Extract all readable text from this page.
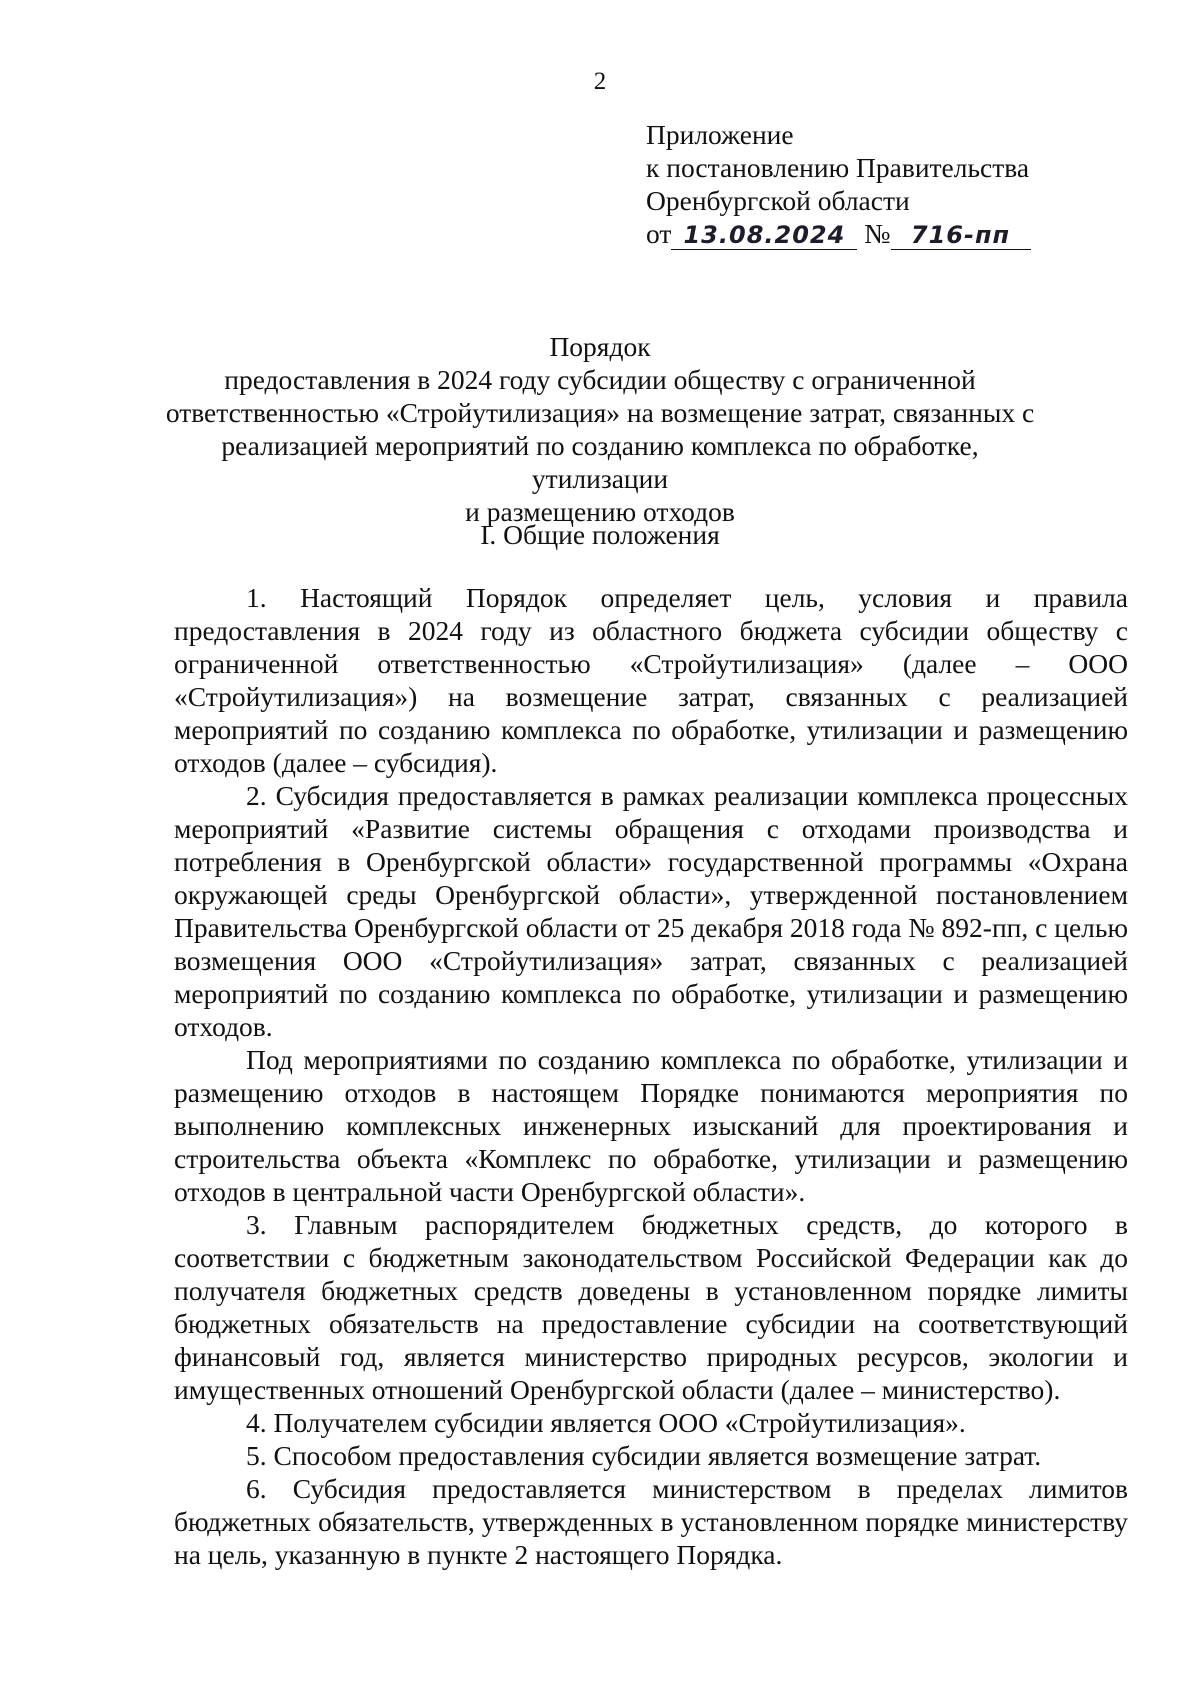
2
Приложение
к постановлению Правительства
Оренбургской области
от 13.08.2024 № 716-пп
Порядок
предоставления в 2024 году субсидии обществу с ограниченной
ответственностью «Стройутилизация» на возмещение затрат, связанных с
реализацией мероприятий по созданию комплекса по обработке, утилизации
и размещению отходов
I. Общие положения

1. Настоящий Порядок определяет цель, условия и правила предоставления в 2024 году из областного бюджета субсидии обществу с ограниченной ответственностью «Стройутилизация» (далее – ООО «Стройутилизация») на возмещение затрат, связанных с реализацией мероприятий по созданию комплекса по обработке, утилизации и размещению отходов (далее – субсидия).

2. Субсидия предоставляется в рамках реализации комплекса процессных мероприятий «Развитие системы обращения с отходами производства и потребления в Оренбургской области» государственной программы «Охрана окружающей среды Оренбургской области», утвержденной постановлением Правительства Оренбургской области от 25 декабря 2018 года № 892-пп, с целью возмещения ООО «Стройутилизация» затрат, связанных с реализацией мероприятий по созданию комплекса по обработке, утилизации и размещению отходов.

Под мероприятиями по созданию комплекса по обработке, утилизации и размещению отходов в настоящем Порядке понимаются мероприятия по выполнению комплексных инженерных изысканий для проектирования и строительства объекта «Комплекс по обработке, утилизации и размещению отходов в центральной части Оренбургской области».

3. Главным распорядителем бюджетных средств, до которого в соответствии с бюджетным законодательством Российской Федерации как до получателя бюджетных средств доведены в установленном порядке лимиты бюджетных обязательств на предоставление субсидии на соответствующий финансовый год, является министерство природных ресурсов, экологии и имущественных отношений Оренбургской области (далее – министерство).

4. Получателем субсидии является ООО «Стройутилизация».

5. Способом предоставления субсидии является возмещение затрат.

6. Субсидия предоставляется министерством в пределах лимитов бюджетных обязательств, утвержденных в установленном порядке министерству на цель, указанную в пункте 2 настоящего Порядка.
